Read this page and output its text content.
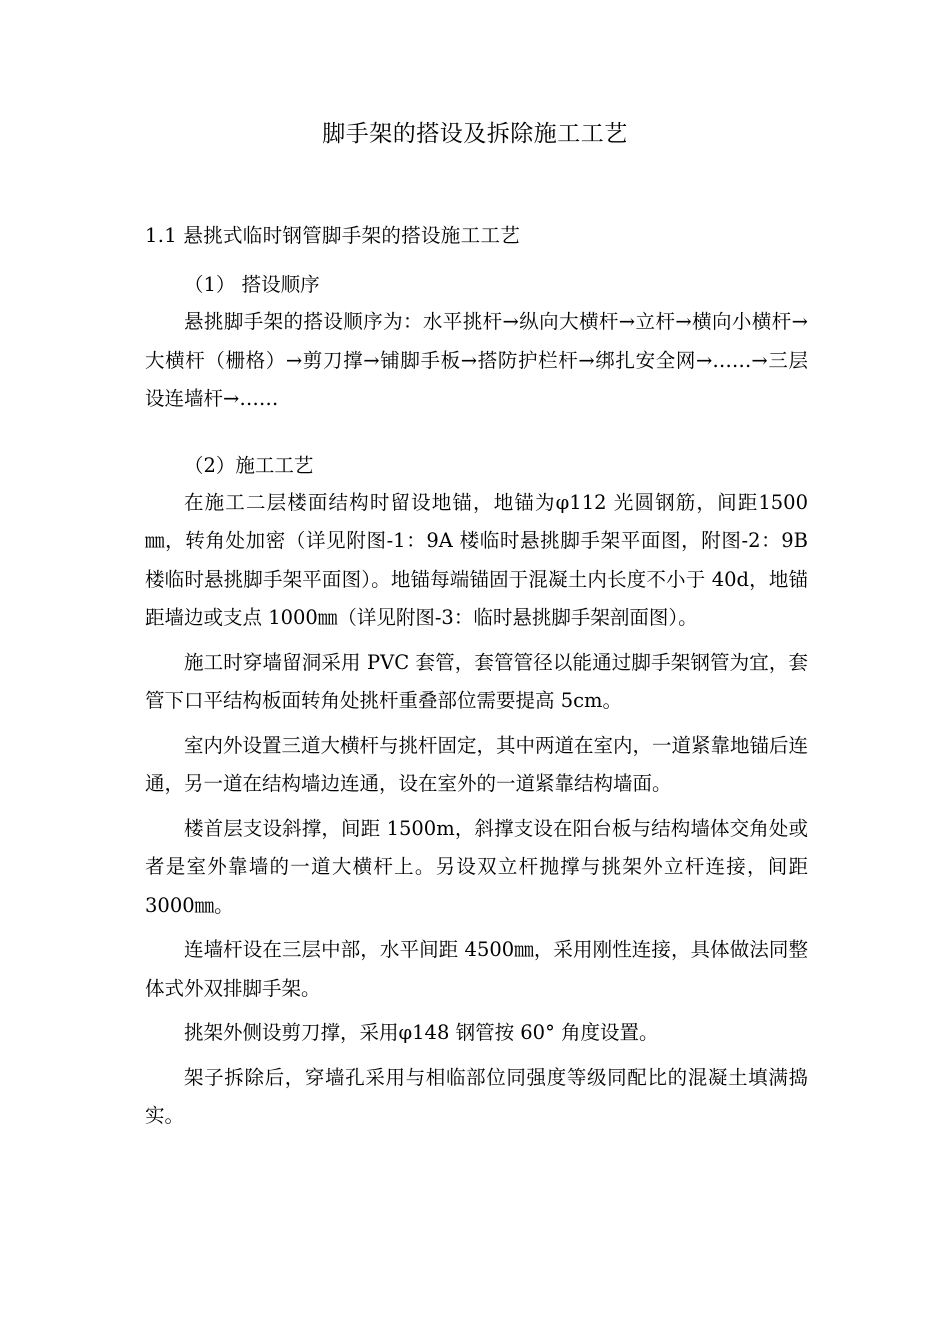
脚手架的搭设及拆除施工工艺
1.1 悬挑式临时钢管脚手架的搭设施工工艺
（1） 搭设顺序

悬挑脚手架的搭设顺序为：水平挑杆→纵向大横杆→立杆→横向小横杆→大横杆（栅格）→剪刀撑→铺脚手板→搭防护栏杆→绑扎安全网→……→三层设连墙杆→……

（2）施工工艺

在施工二层楼面结构时留设地锚，地锚为φ112 光圆钢筋，间距1500㎜，转角处加密（详见附图-1：9A 楼临时悬挑脚手架平面图，附图-2：9B 楼临时悬挑脚手架平面图）。地锚每端锚固于混凝土内长度不小于 40d，地锚距墙边或支点 1000㎜（详见附图-3：临时悬挑脚手架剖面图）。

施工时穿墙留洞采用 PVC 套管，套管管径以能通过脚手架钢管为宜，套管下口平结构板面转角处挑杆重叠部位需要提高 5cm。

室内外设置三道大横杆与挑杆固定，其中两道在室内，一道紧靠地锚后连通，另一道在结构墙边连通，设在室外的一道紧靠结构墙面。

楼首层支设斜撑，间距 1500m，斜撑支设在阳台板与结构墙体交角处或者是室外靠墙的一道大横杆上。另设双立杆抛撑与挑架外立杆连接，间距 3000㎜。

连墙杆设在三层中部，水平间距 4500㎜，采用刚性连接，具体做法同整体式外双排脚手架。

挑架外侧设剪刀撑，采用φ148 钢管按 60° 角度设置。

架子拆除后，穿墙孔采用与相临部位同强度等级同配比的混凝土填满捣实。
